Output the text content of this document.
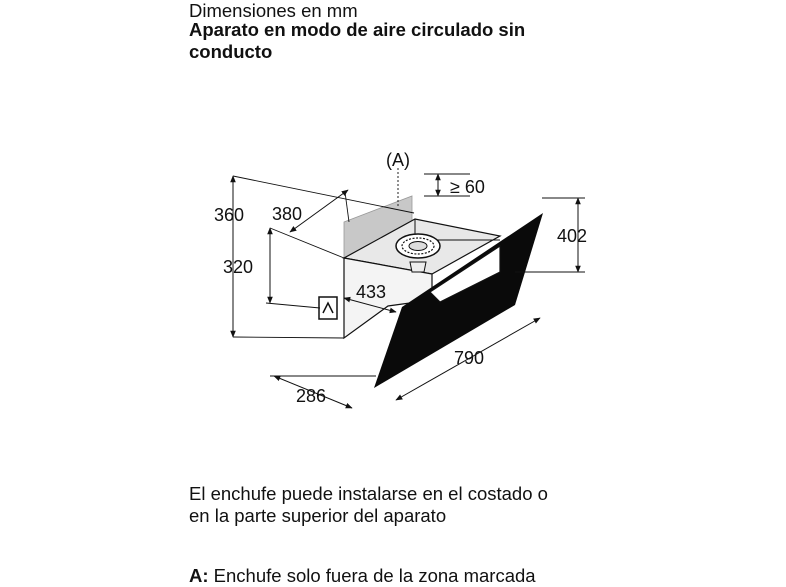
Dimensiones en mm
Aparato en modo de aire circulado sin
conducto
(A)
≥ 60
360 380
320
433
402
790
286
El enchufe puede instalarse en el costado o
en la parte superior del aparato
A: Enchufe solo fuera de la zona marcada
